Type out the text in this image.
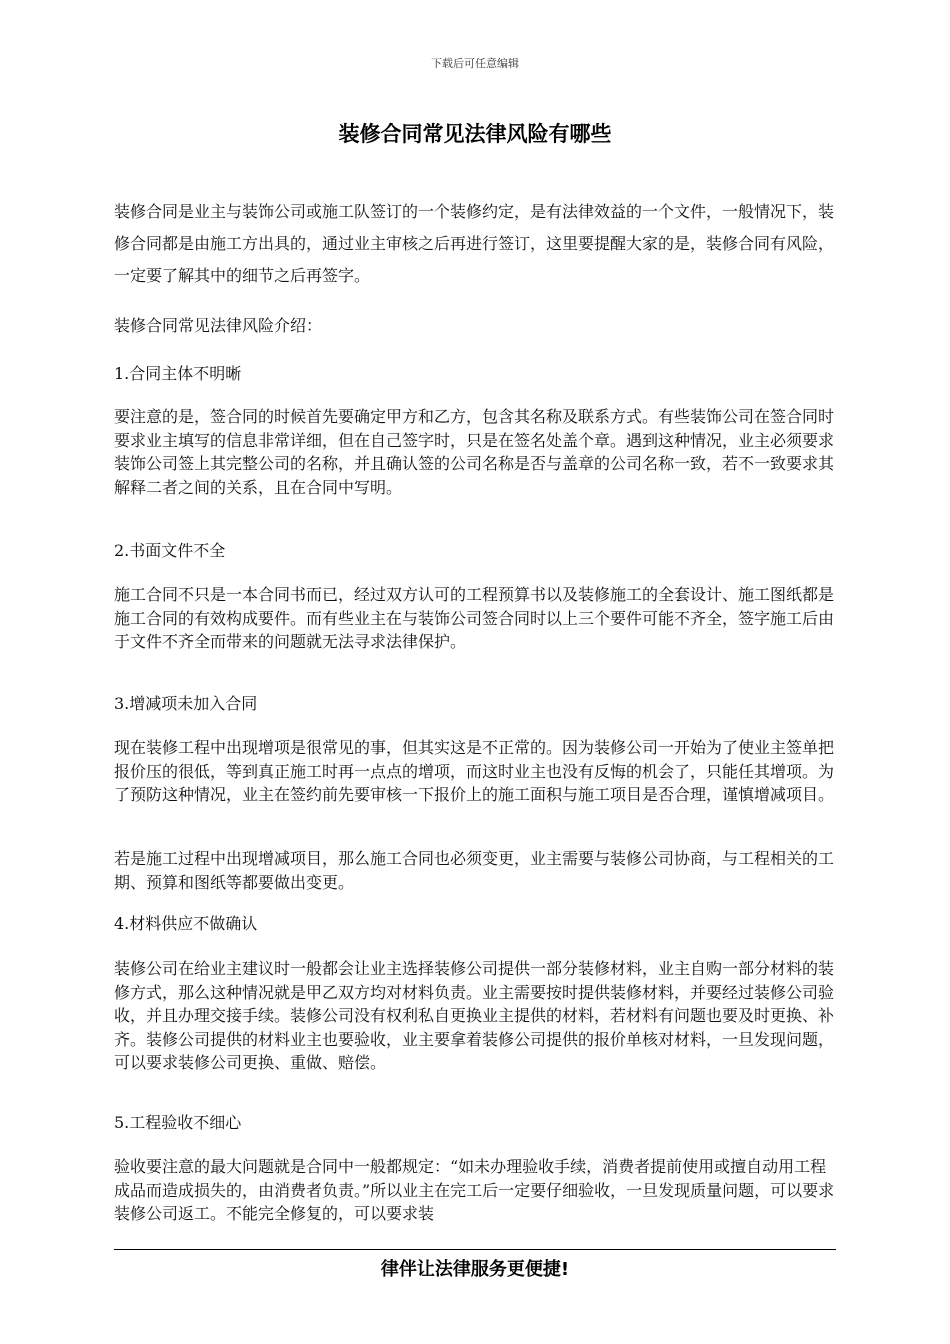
下载后可任意编辑
装修合同常见法律风险有哪些

装修合同是业主与装饰公司或施工队签订的一个装修约定，是有法律效益的一个文件，一般情况下，装修合同都是由施工方出具的，通过业主审核之后再进行签订，这里要提醒大家的是，装修合同有风险，一定要了解其中的细节之后再签字。

装修合同常见法律风险介绍：

1.合同主体不明晰

要注意的是，签合同的时候首先要确定甲方和乙方，包含其名称及联系方式。有些装饰公司在签合同时要求业主填写的信息非常详细，但在自己签字时，只是在签名处盖个章。遇到这种情况，业主必须要求装饰公司签上其完整公司的名称，并且确认签的公司名称是否与盖章的公司名称一致，若不一致要求其解释二者之间的关系，且在合同中写明。

2.书面文件不全

施工合同不只是一本合同书而已，经过双方认可的工程预算书以及装修施工的全套设计、施工图纸都是施工合同的有效构成要件。而有些业主在与装饰公司签合同时以上三个要件可能不齐全，签字施工后由于文件不齐全而带来的问题就无法寻求法律保护。

3.增减项未加入合同

现在装修工程中出现增项是很常见的事，但其实这是不正常的。因为装修公司一开始为了使业主签单把报价压的很低，等到真正施工时再一点点的增项，而这时业主也没有反悔的机会了，只能任其增项。为了预防这种情况，业主在签约前先要审核一下报价上的施工面积与施工项目是否合理，谨慎增减项目。

若是施工过程中出现增减项目，那么施工合同也必须变更，业主需要与装修公司协商，与工程相关的工期、预算和图纸等都要做出变更。

4.材料供应不做确认

装修公司在给业主建议时一般都会让业主选择装修公司提供一部分装修材料，业主自购一部分材料的装修方式，那么这种情况就是甲乙双方均对材料负责。业主需要按时提供装修材料，并要经过装修公司验收，并且办理交接手续。装修公司没有权利私自更换业主提供的材料，若材料有问题也要及时更换、补齐。装修公司提供的材料业主也要验收，业主要拿着装修公司提供的报价单核对材料，一旦发现问题，可以要求装修公司更换、重做、赔偿。

5.工程验收不细心

验收要注意的最大问题就是合同中一般都规定：“如未办理验收手续，消费者提前使用或擅自动用工程成品而造成损失的，由消费者负责。”所以业主在完工后一定要仔细验收，一旦发现质量问题，可以要求装修公司返工。不能完全修复的，可以要求装

律伴让法律服务更便捷!
